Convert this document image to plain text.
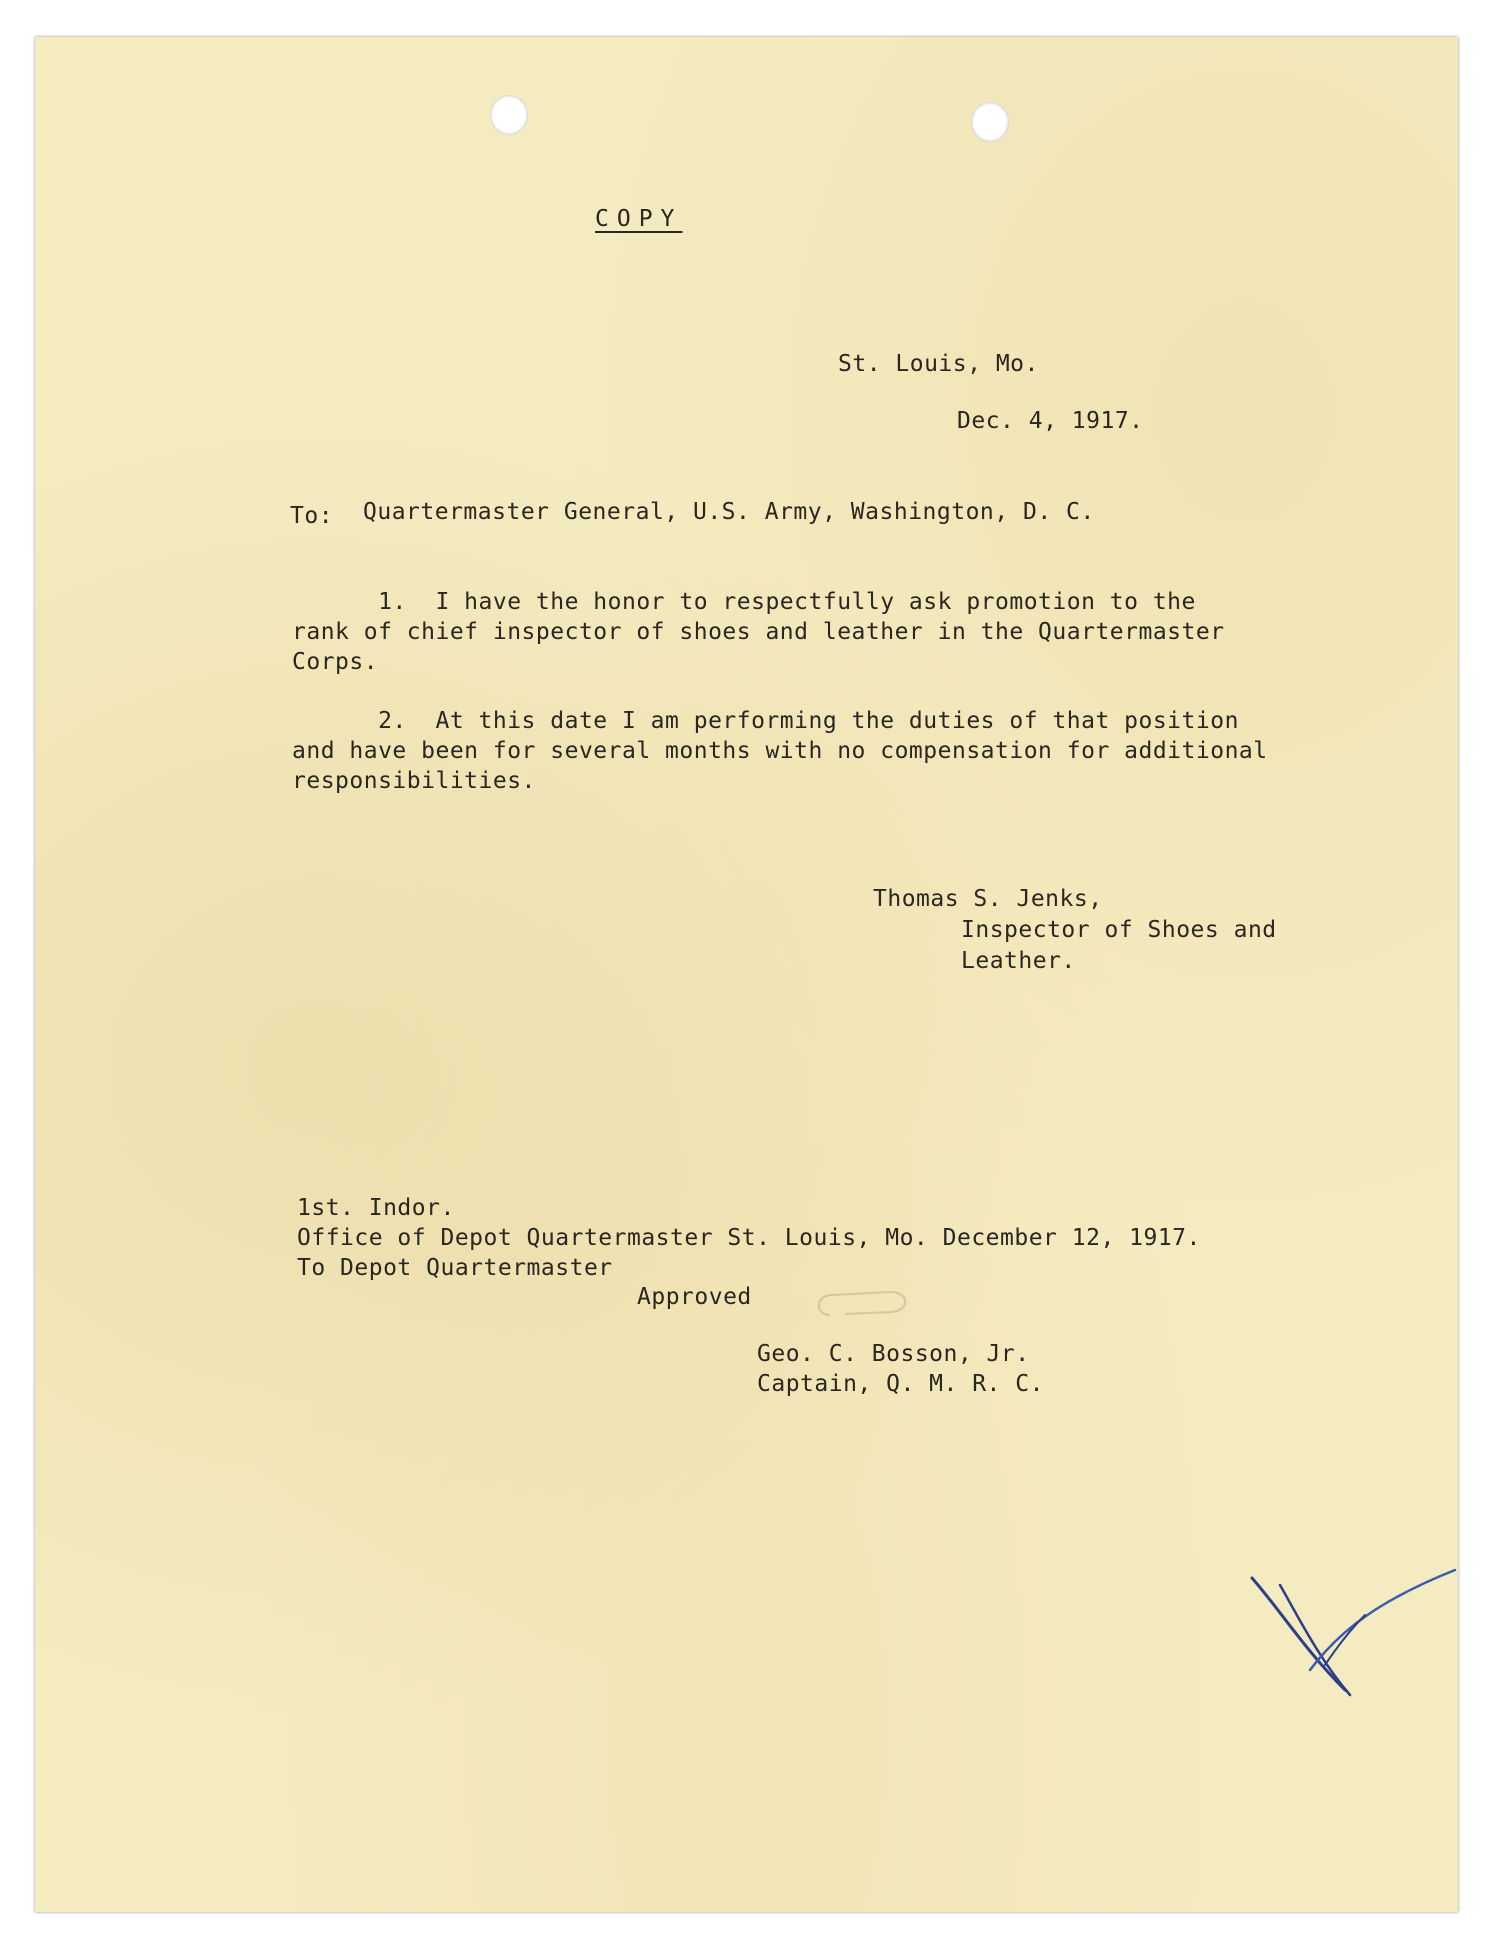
COPY
St. Louis, Mo.
Dec. 4, 1917.
To: Quartermaster General, U.S. Army, Washington, D. C.
1.  I have the honor to respectfully ask promotion to the
rank of chief inspector of shoes and leather in the Quartermaster
Corps.
2.  At this date I am performing the duties of that position
and have been for several months with no compensation for additional
responsibilities.
Thomas S. Jenks,
Inspector of Shoes and
Leather.
1st. Indor.
Office of Depot Quartermaster St. Louis, Mo. December 12, 1917.
To Depot Quartermaster
Approved
Geo. C. Bosson, Jr.
Captain, Q. M. R. C.
